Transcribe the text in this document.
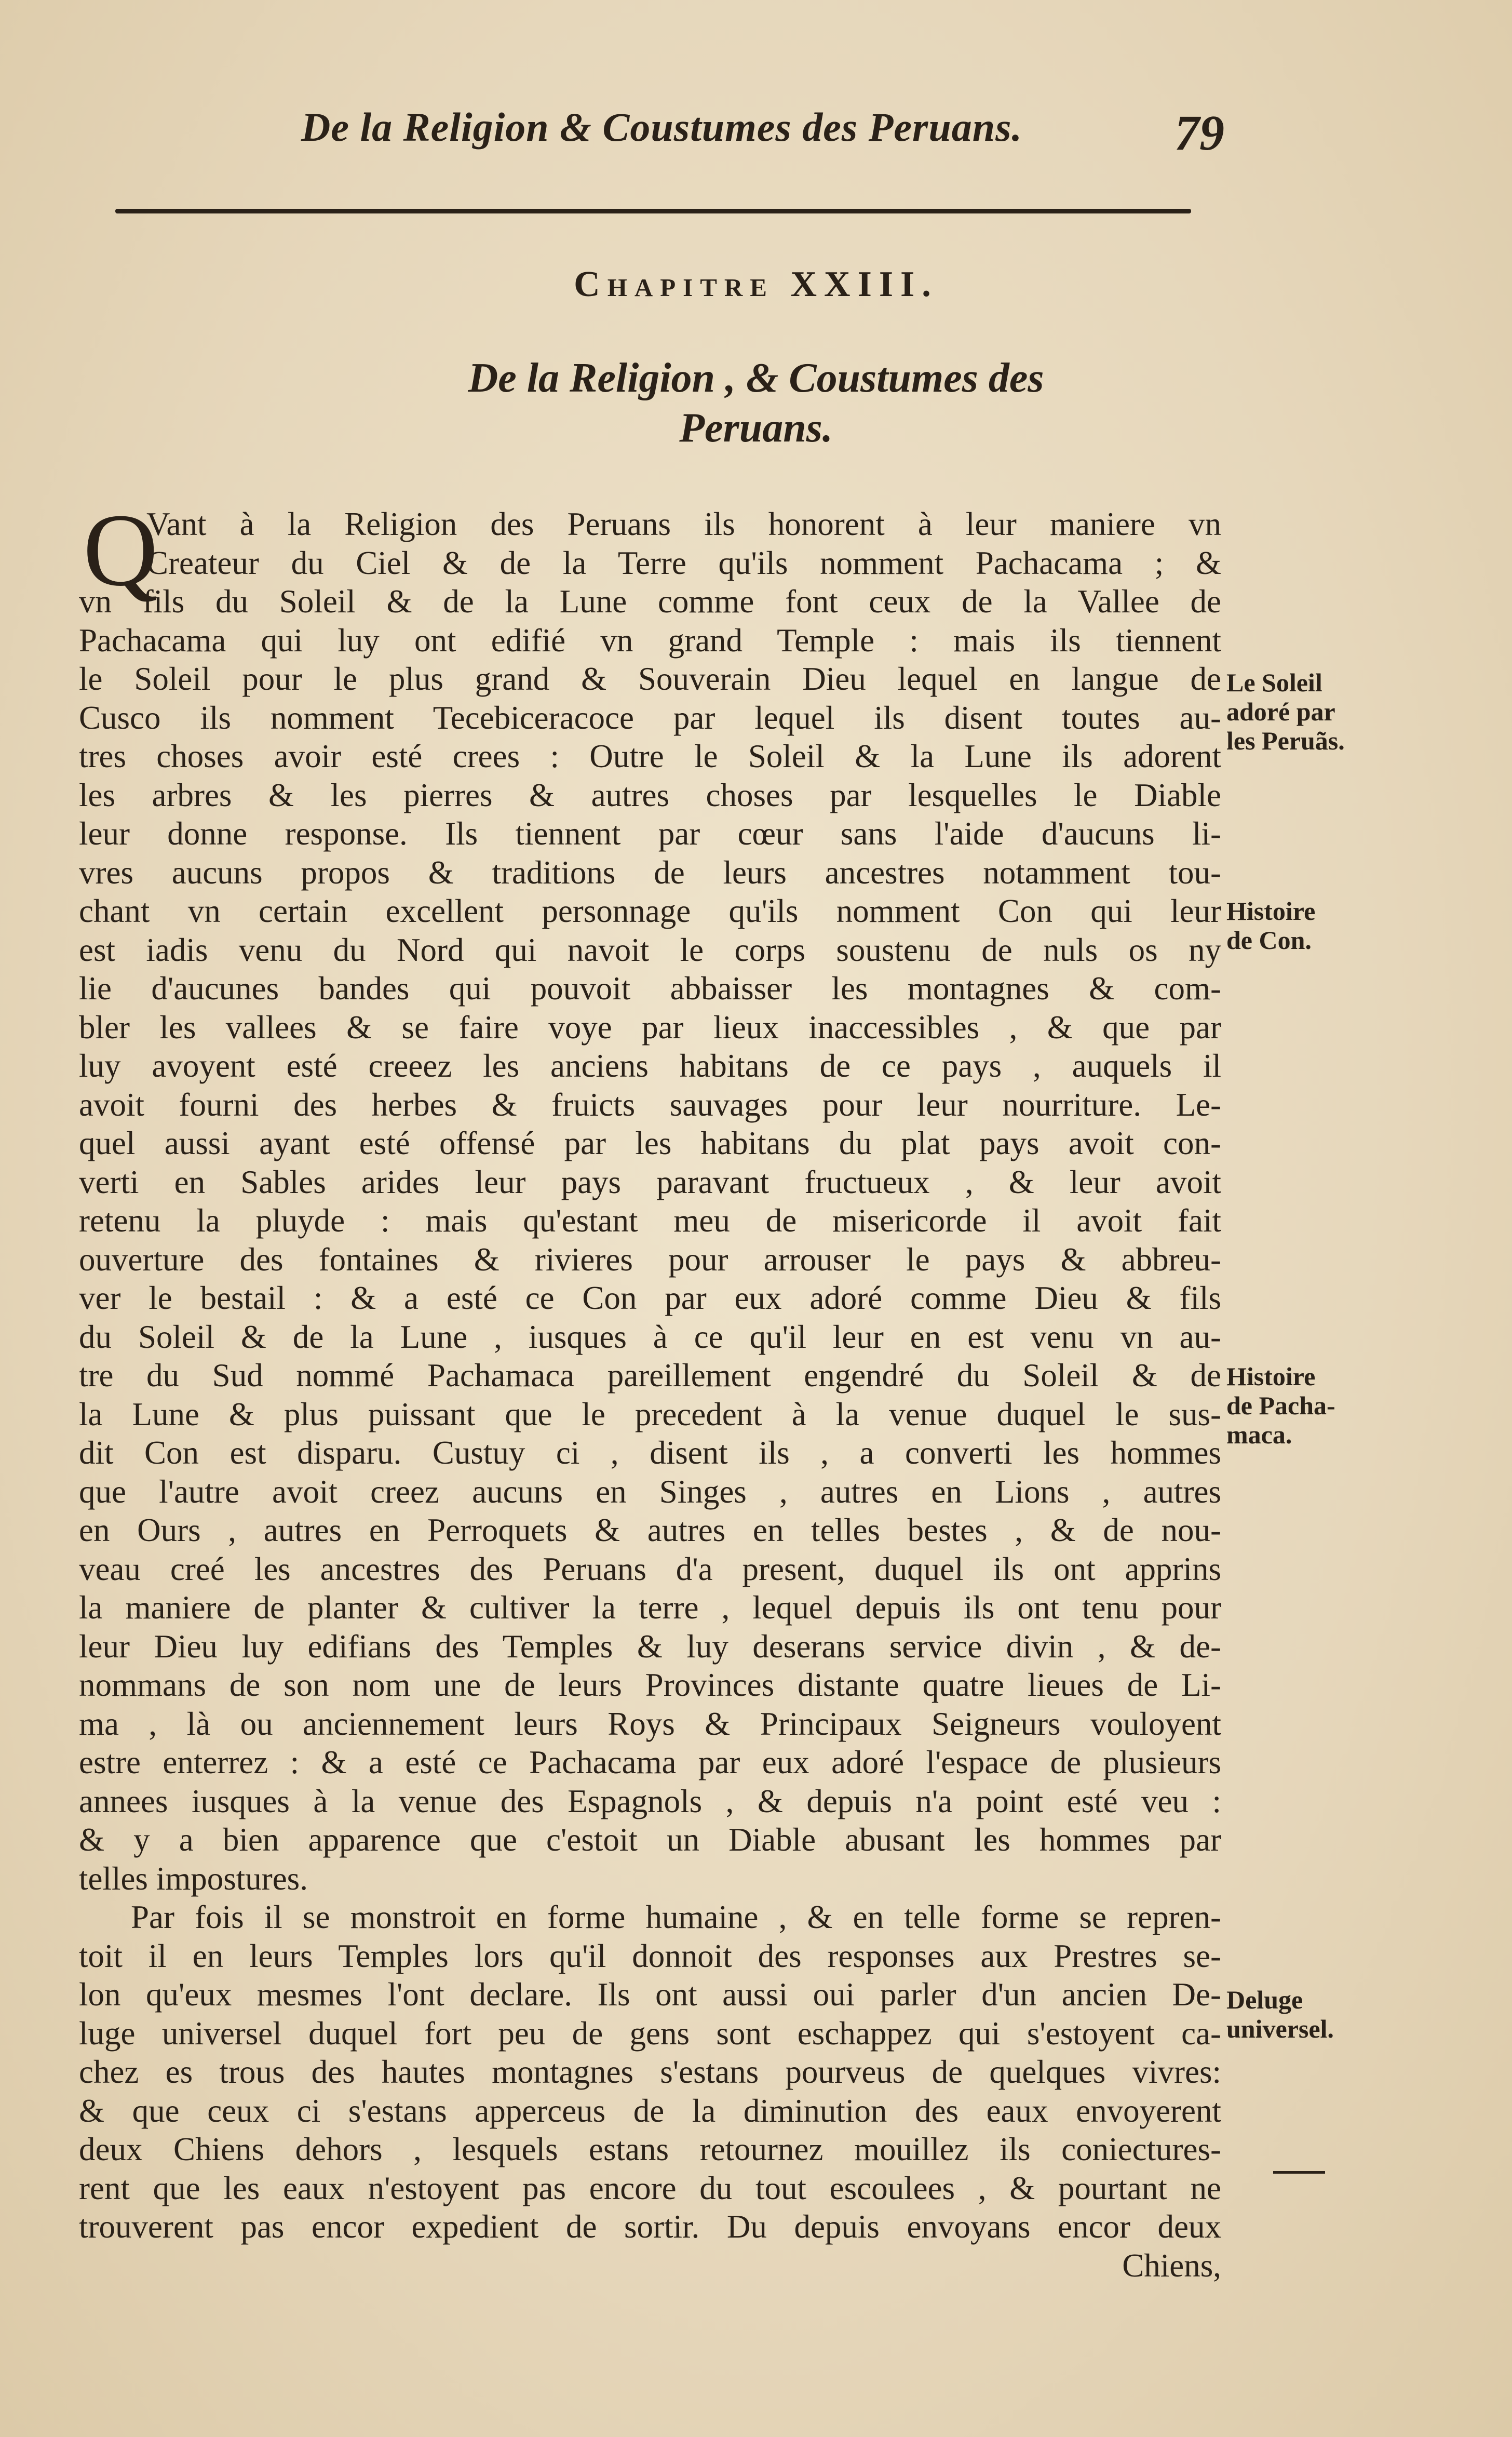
De la Religion & Coustumes des Peruans.	79
Chapitre XXIII.
De la Religion , & Coustumes des
Peruans.
Q
Vant à la Religion des Peruans ils honorent à leur maniere vn
Createur du Ciel & de la Terre qu'ils nomment Pachacama ; &
vn fils du Soleil & de la Lune comme font ceux de la Vallee de
Pachacama qui luy ont edifié vn grand Temple : mais ils tiennent
le Soleil pour le plus grand & Souverain Dieu lequel en langue de
Cusco ils nomment Tecebiceracoce par lequel ils disent toutes au-
tres choses avoir esté crees : Outre le Soleil & la Lune ils adorent
les arbres & les pierres & autres choses par lesquelles le Diable
leur donne response. Ils tiennent par cœur sans l'aide d'aucuns li-
vres aucuns propos & traditions de leurs ancestres notamment tou-
chant vn certain excellent personnage qu'ils nomment Con qui leur
est iadis venu du Nord qui navoit le corps soustenu de nuls os ny
lie d'aucunes bandes qui pouvoit abbaisser les montagnes & com-
bler les vallees & se faire voye par lieux inaccessibles , & que par
luy avoyent esté creeez les anciens habitans de ce pays , auquels il
avoit fourni des herbes & fruicts sauvages pour leur nourriture. Le-
quel aussi ayant esté offensé par les habitans du plat pays avoit con-
verti en Sables arides leur pays paravant fructueux , & leur avoit
retenu la pluyde : mais qu'estant meu de misericorde il avoit fait
ouverture des fontaines & rivieres pour arrouser le pays & abbreu-
ver le bestail : & a esté ce Con par eux adoré comme Dieu & fils
du Soleil & de la Lune , iusques à ce qu'il leur en est venu vn au-
tre du Sud nommé Pachamaca pareillement engendré du Soleil & de
la Lune & plus puissant que le precedent à la venue duquel le sus-
dit Con est disparu. Custuy ci , disent ils , a converti les hommes
que l'autre avoit creez aucuns en Singes , autres en Lions , autres
en Ours , autres en Perroquets & autres en telles bestes , & de nou-
veau creé les ancestres des Peruans d'a present, duquel ils ont apprins
la maniere de planter & cultiver la terre , lequel depuis ils ont tenu pour
leur Dieu luy edifians des Temples & luy deserans service divin , & de-
nommans de son nom une de leurs Provinces distante quatre lieues de Li-
ma , là ou anciennement leurs Roys & Principaux Seigneurs vouloyent
estre enterrez : & a esté ce Pachacama par eux adoré l'espace de plusieurs
annees iusques à la venue des Espagnols , & depuis n'a point esté veu :
& y a bien apparence que c'estoit un Diable abusant les hommes par
telles impostures.
Par fois il se monstroit en forme humaine , & en telle forme se repren-
toit il en leurs Temples lors qu'il donnoit des responses aux Prestres se-
lon qu'eux mesmes l'ont declare. Ils ont aussi oui parler d'un ancien De-
luge universel duquel fort peu de gens sont eschappez qui s'estoyent ca-
chez es trous des hautes montagnes s'estans pourveus de quelques vivres:
& que ceux ci s'estans apperceus de la diminution des eaux envoyerent
deux Chiens dehors , lesquels estans retournez mouillez ils coniectures-
rent que les eaux n'estoyent pas encore du tout escoulees , & pourtant ne
trouverent pas encor expedient de sortir. Du depuis envoyans encor deux
Chiens,
Le Soleil
adoré par
les Peruãs.
Histoire
de Con.
Histoire
de Pacha-
maca.
Deluge
universel.
